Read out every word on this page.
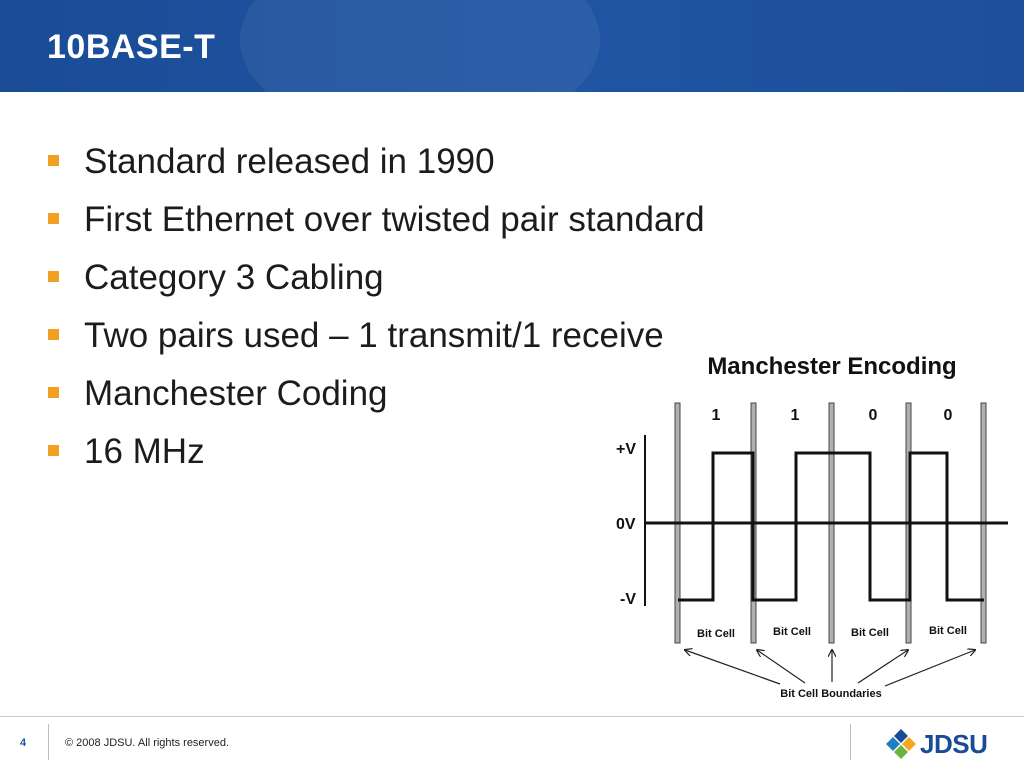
10BASE-T
Standard released in 1990
First Ethernet over twisted pair standard
Category 3 Cabling
Two pairs used – 1 transmit/1 receive
Manchester Coding
16 MHz
Manchester Encoding
+V
0V
-V
1	1	0	0
Bit Cell	Bit Cell	Bit Cell	Bit Cell
Bit Cell Boundaries
4	© 2008 JDSU. All rights reserved.	JDSU
